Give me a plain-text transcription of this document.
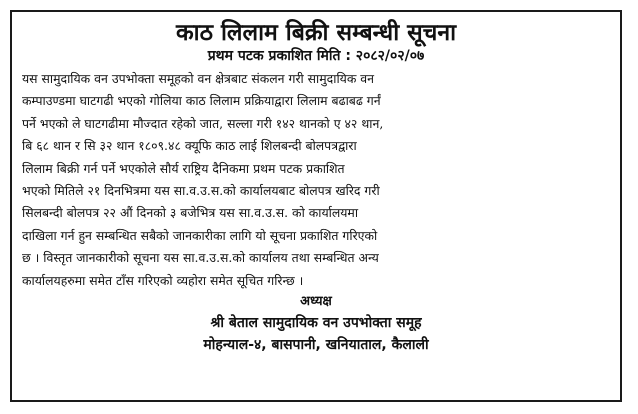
काठ लिलाम बिक्री सम्बन्धी सूचना

प्रथम पटक प्रकाशित मिति : २०८२/०२/०७

यस सामुदायिक वन उपभोक्ता समूहको वन क्षेत्रबाट संकलन गरी सामुदायिक वन
कम्पाउण्डमा घाटगढी भएको गोलिया काठ लिलाम प्रक्रियाद्वारा लिलाम बढाबढ गर्नं
पर्ने भएको ले घाटगढीमा मौज्दात रहेको जात, सल्ला गरी १४२ थानको ए ४२ थान,
बि ६८ थान र सि ३२ थान १८०९.४८ क्यूफि काठ लाई शिलबन्दी बोलपत्रद्वारा
लिलाम बिक्री गर्न पर्ने भएकोले सौर्य राष्ट्रिय दैनिकमा प्रथम पटक प्रकाशित
भएको मितिले २१ दिनभित्रमा यस सा.व.उ.स.को कार्यालयबाट बोलपत्र खरिद गरी
सिलबन्दी बोलपत्र २२ औं दिनको ३ बजेभित्र यस सा.व.उ.स. को कार्यालयमा
दाखिला गर्न हुन सम्बन्धित सबैको जानकारीका लागि यो सूचना प्रकाशित गरिएको
छ । विस्तृत जानकारीको सूचना यस सा.व.उ.स.को कार्यालय तथा सम्बन्धित अन्य
कार्यालयहरुमा समेत टाँस गरिएको व्यहोरा समेत सूचित गरिन्छ ।

अध्यक्ष

श्री बेताल सामुदायिक वन उपभोक्ता समूह

मोहन्याल-४, बासपानी, खनियाताल, कैलाली
